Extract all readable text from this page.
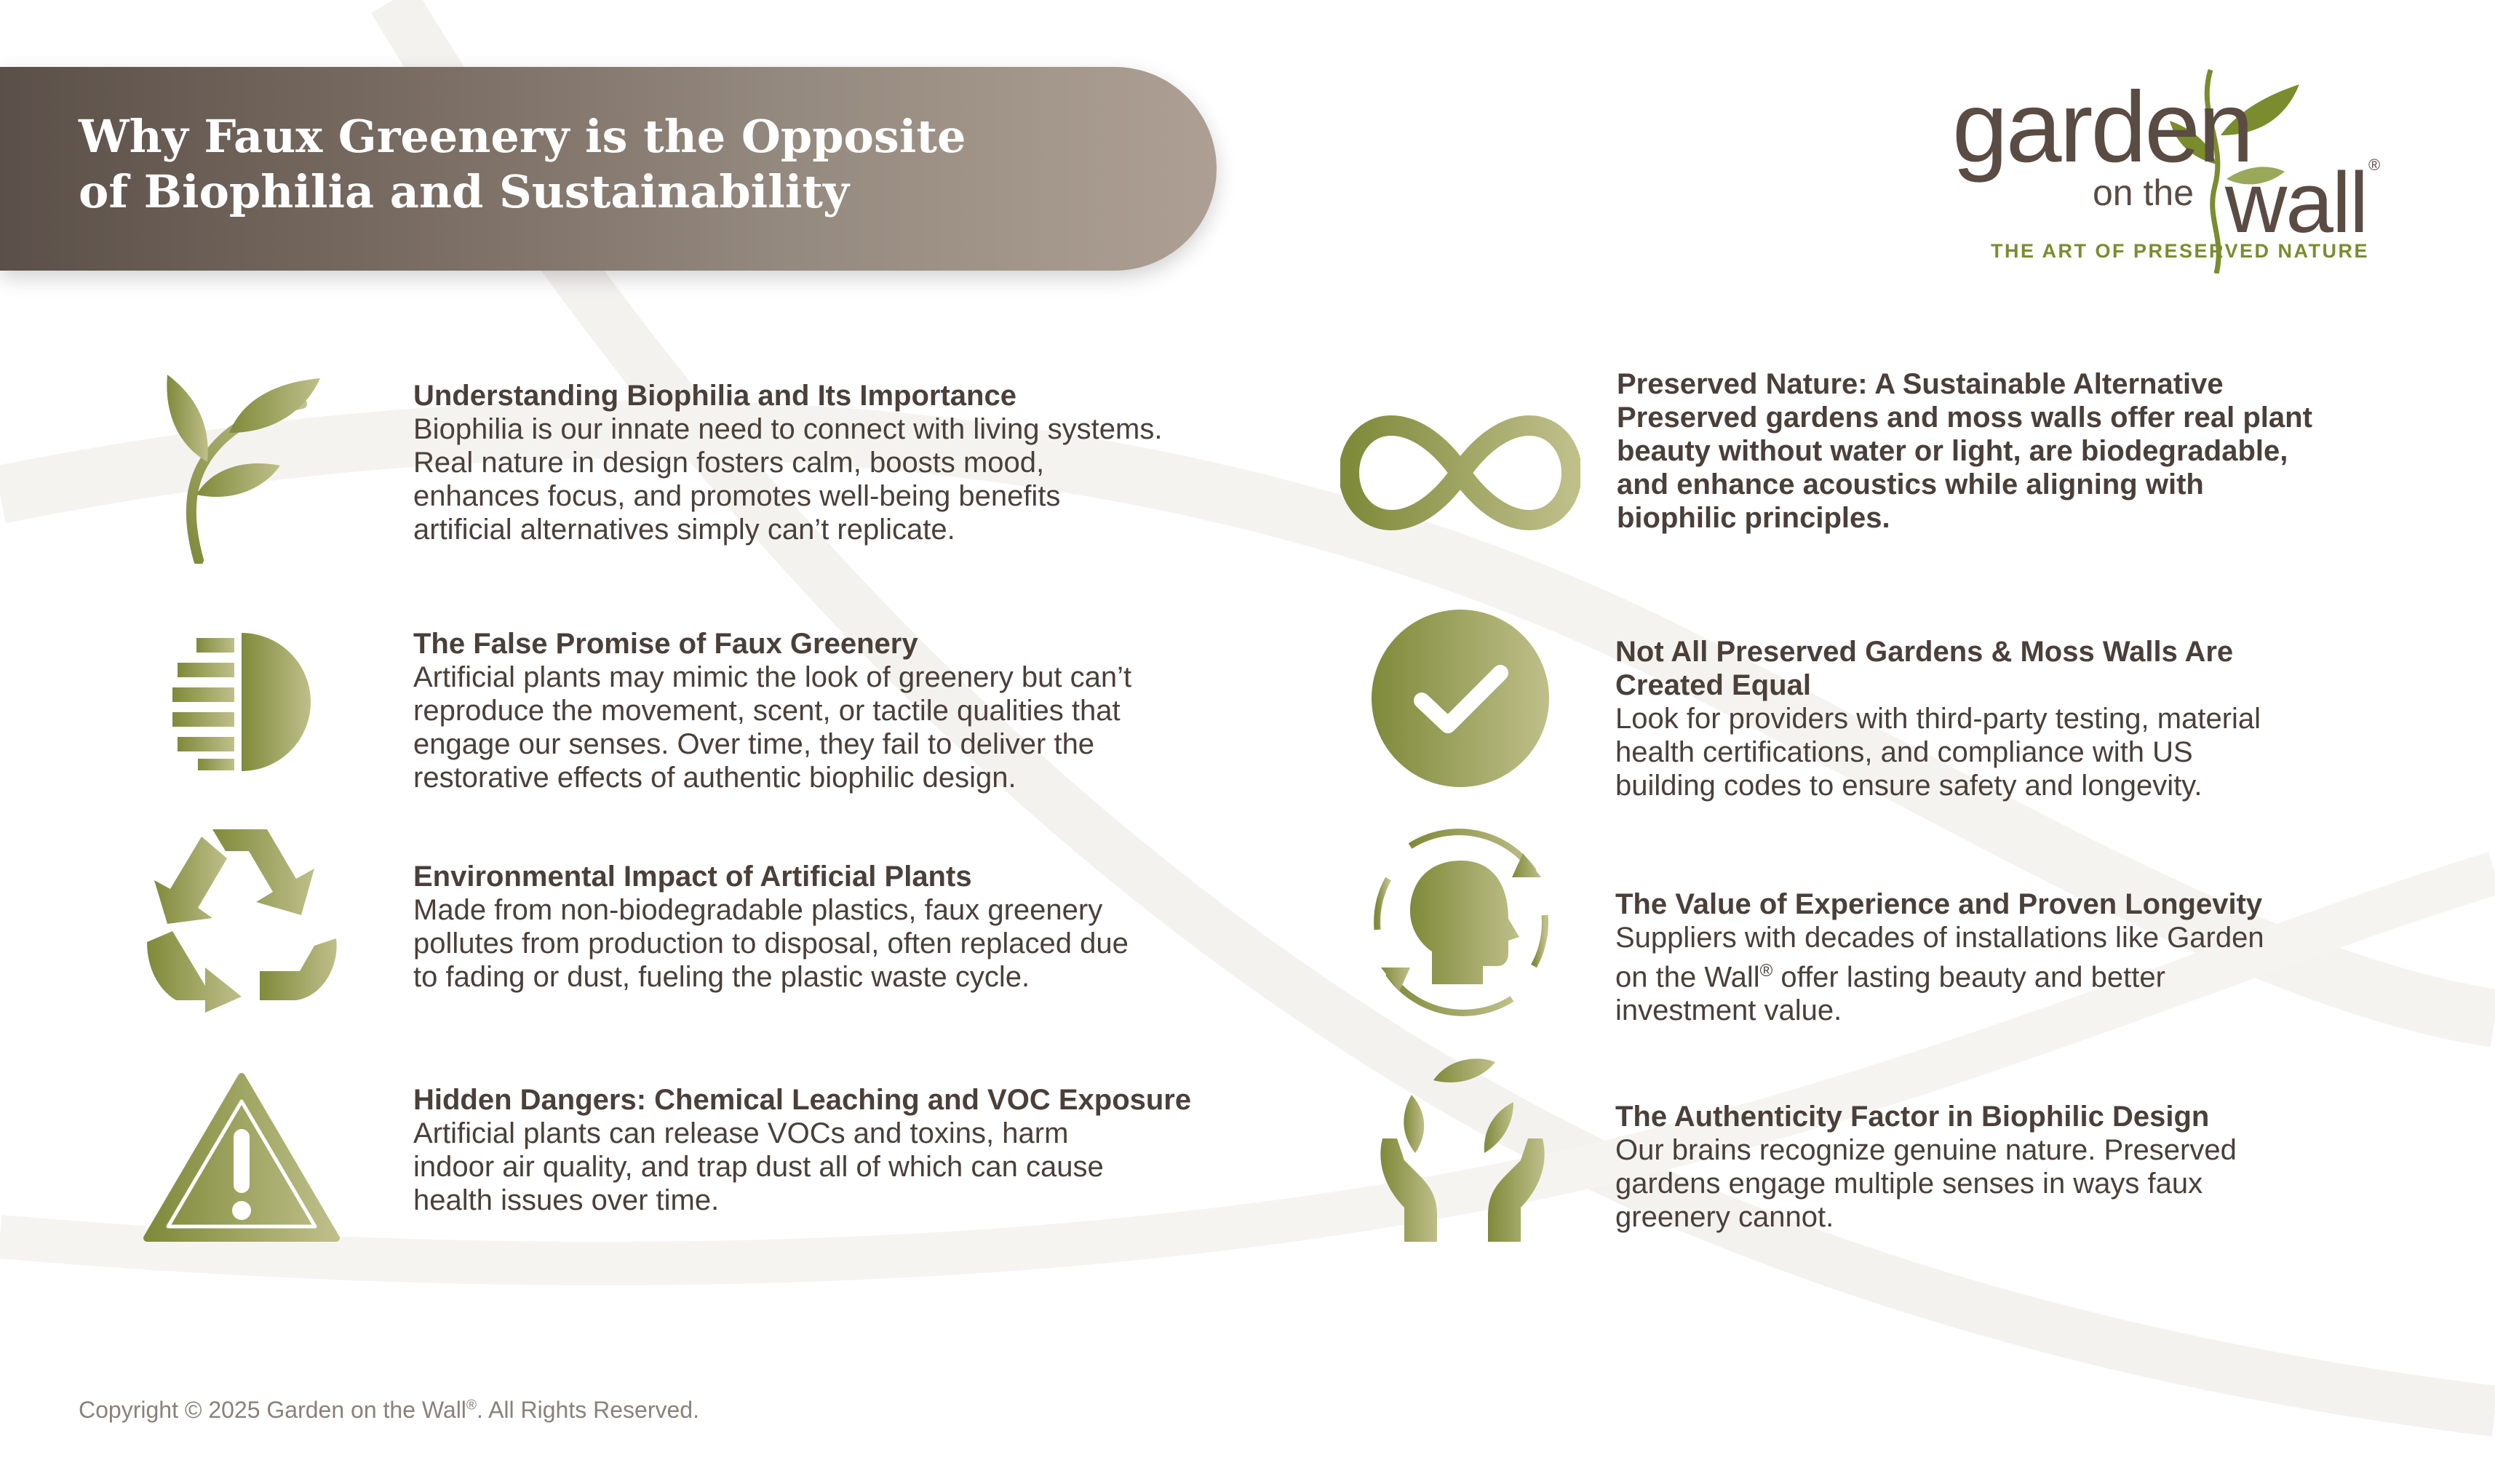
Why Faux Greenery is the Opposite
of Biophilia and Sustainability
garden
on the wall ®
THE ART OF PRESERVED NATURE

Understanding Biophilia and Its Importance

Biophilia is our innate need to connect with living systems.

Real nature in design fosters calm, boosts mood,

enhances focus, and promotes well-being benefits

artificial alternatives simply can’t replicate.

The False Promise of Faux Greenery

Artificial plants may mimic the look of greenery but can’t

reproduce the movement, scent, or tactile qualities that

engage our senses. Over time, they fail to deliver the

restorative effects of authentic biophilic design.

Environmental Impact of Artificial Plants

Made from non-biodegradable plastics, faux greenery

pollutes from production to disposal, often replaced due

to fading or dust, fueling the plastic waste cycle.

Hidden Dangers: Chemical Leaching and VOC Exposure

Artificial plants can release VOCs and toxins, harm

indoor air quality, and trap dust all of which can cause

health issues over time.

Preserved Nature: A Sustainable Alternative

Preserved gardens and moss walls offer real plant

beauty without water or light, are biodegradable,

and enhance acoustics while aligning with

biophilic principles.

Not All Preserved Gardens & Moss Walls Are

Created Equal

Look for providers with third-party testing, material

health certifications, and compliance with US

building codes to ensure safety and longevity.

The Value of Experience and Proven Longevity

Suppliers with decades of installations like Garden

on the Wall® offer lasting beauty and better

investment value.

The Authenticity Factor in Biophilic Design

Our brains recognize genuine nature. Preserved

gardens engage multiple senses in ways faux

greenery cannot.

Copyright © 2025 Garden on the Wall®. All Rights Reserved.
